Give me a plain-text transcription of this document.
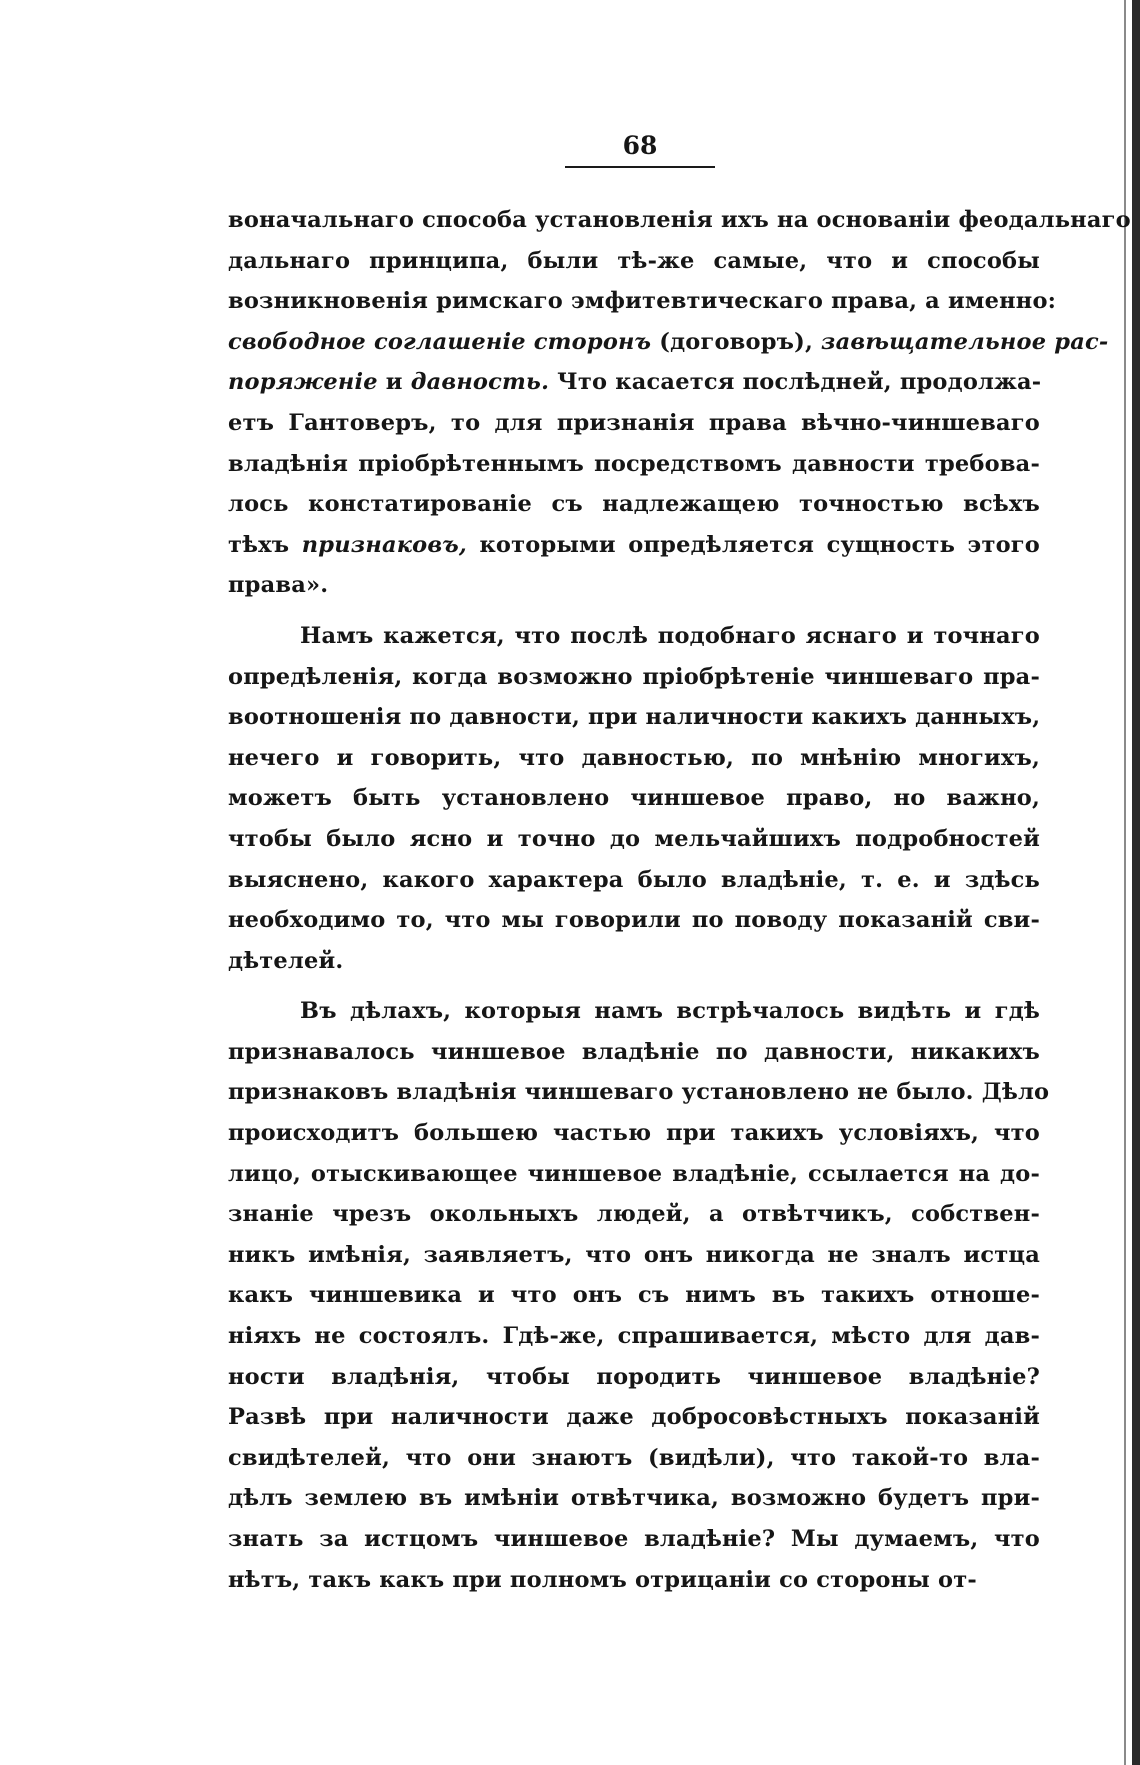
68
воначальнаго способа установленія ихъ на основаніи феодальнаго
дальнаго принципа, были тѣ-же самые, что и способы
возникновенія римскаго эмфитевтическаго права, а именно:
свободное соглашеніе сторонъ (договоръ), завѣщательное рас-
поряженіе и давность. Что касается послѣдней, продолжа-
етъ Гантоверъ, то для признанія права вѣчно-чиншеваго
владѣнія пріобрѣтеннымъ посредствомъ давности требова-
лось констатированіе съ надлежащею точностью всѣхъ
тѣхъ признаковъ, которыми опредѣляется сущность этого
права».
Намъ кажется, что послѣ подобнаго яснаго и точнаго
опредѣленія, когда возможно пріобрѣтеніе чиншеваго пра-
воотношенія по давности, при наличности какихъ данныхъ,
нечего и говорить, что давностью, по мнѣнію многихъ,
можетъ быть установлено чиншевое право, но важно,
чтобы было ясно и точно до мельчайшихъ подробностей
выяснено, какого характера было владѣніе, т. е. и здѣсь
необходимо то, что мы говорили по поводу показаній сви-
дѣтелей.
Въ дѣлахъ, которыя намъ встрѣчалось видѣть и гдѣ
признавалось чиншевое владѣніе по давности, никакихъ
признаковъ владѣнія чиншеваго установлено не было. Дѣло
происходитъ большею частью при такихъ условіяхъ, что
лицо, отыскивающее чиншевое владѣніе, ссылается на до-
знаніе чрезъ окольныхъ людей, а отвѣтчикъ, собствен-
никъ имѣнія, заявляетъ, что онъ никогда не зналъ истца
какъ чиншевика и что онъ съ нимъ въ такихъ отноше-
ніяхъ не состоялъ. Гдѣ-же, спрашивается, мѣсто для дав-
ности владѣнія, чтобы породить чиншевое владѣніе?
Развѣ при наличности даже добросовѣстныхъ показаній
свидѣтелей, что они знаютъ (видѣли), что такой-то вла-
дѣлъ землею въ имѣніи отвѣтчика, возможно будетъ при-
знать за истцомъ чиншевое владѣніе? Мы думаемъ, что
нѣтъ, такъ какъ при полномъ отрицаніи со стороны от-
